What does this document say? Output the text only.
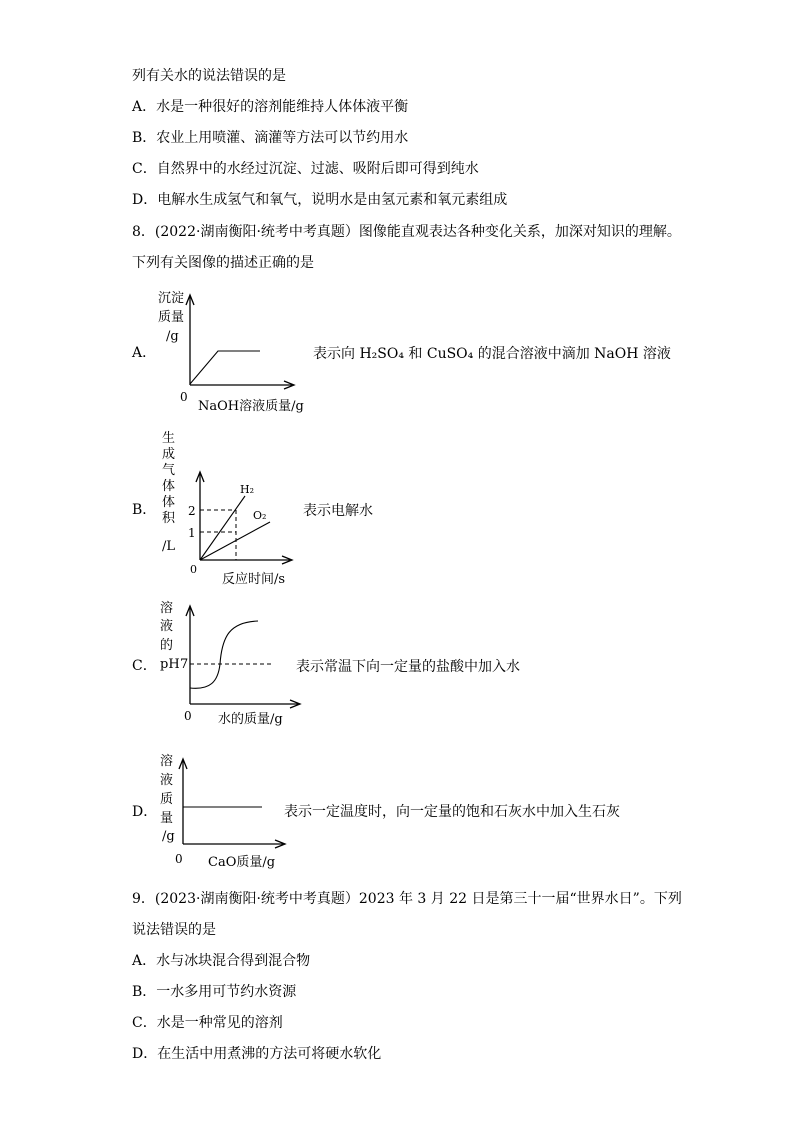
列有关水的说法错误的是
A．水是一种很好的溶剂能维持人体体液平衡
B．农业上用喷灌、滴灌等方法可以节约用水
C．自然界中的水经过沉淀、过滤、吸附后即可得到纯水
D．电解水生成氢气和氧气，说明水是由氢元素和氧元素组成
8．(2022·湖南衡阳·统考中考真题）图像能直观表达各种变化关系，加深对知识的理解。
下列有关图像的描述正确的是
A．
沉淀
质量
/g
0
NaOH溶液质量/g
表示向 H₂SO₄ 和 CuSO₄ 的混合溶液中滴加 NaOH 溶液
B．
生
成
气
体
体
积
/L
2
1
H₂
O₂
0
反应时间/s
表示电解水
C．
溶
液
的
pH 7
0 水的质量/g
表示常温下向一定量的盐酸中加入水
D．
溶
液
质
量
/g
0 CaO质量/g
表示一定温度时，向一定量的饱和石灰水中加入生石灰
9．(2023·湖南衡阳·统考中考真题）2023 年 3 月 22 日是第三十一届“世界水日”。下列
说法错误的是
A．水与冰块混合得到混合物
B．一水多用可节约水资源
C．水是一种常见的溶剂
D．在生活中用煮沸的方法可将硬水软化
